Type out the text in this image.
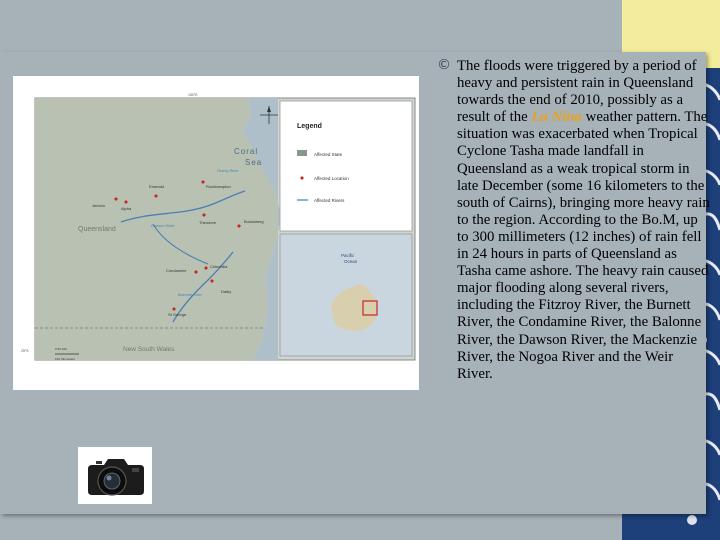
Legend
Affected State
Affected Location
Affected Rivers
Pacific
Ocean
Coral
Sea
Queensland
New South Wales
150°E
25°S	0 50 100
150 Kilometers
Emerald
Jericho
Alpha
Rockhampton
Theodore	Bundaberg
Condamine
Chinchilla
Dalby
St George
Fitzroy River
Dawson River
Balonne River
© The floods were triggered by a period of heavy and persistent rain in Queensland towards the end of 2010, possibly as a result of the La Nina weather pattern. The situation was exacerbated when Tropical Cyclone Tasha made landfall in Queensland as a weak tropical storm in late December (some 16 kilometers to the south of Cairns), bringing more heavy rain to the region. According to the Bo.M, up to 300 millimeters (12 inches) of rain fell in 24 hours in parts of Queensland as Tasha came ashore. The heavy rain caused major flooding along several rivers, including the Fitzroy River, the Burnett River, the Condamine River, the Balonne River, the Dawson River, the Mackenzie River, the Nogoa River and the Weir River.
